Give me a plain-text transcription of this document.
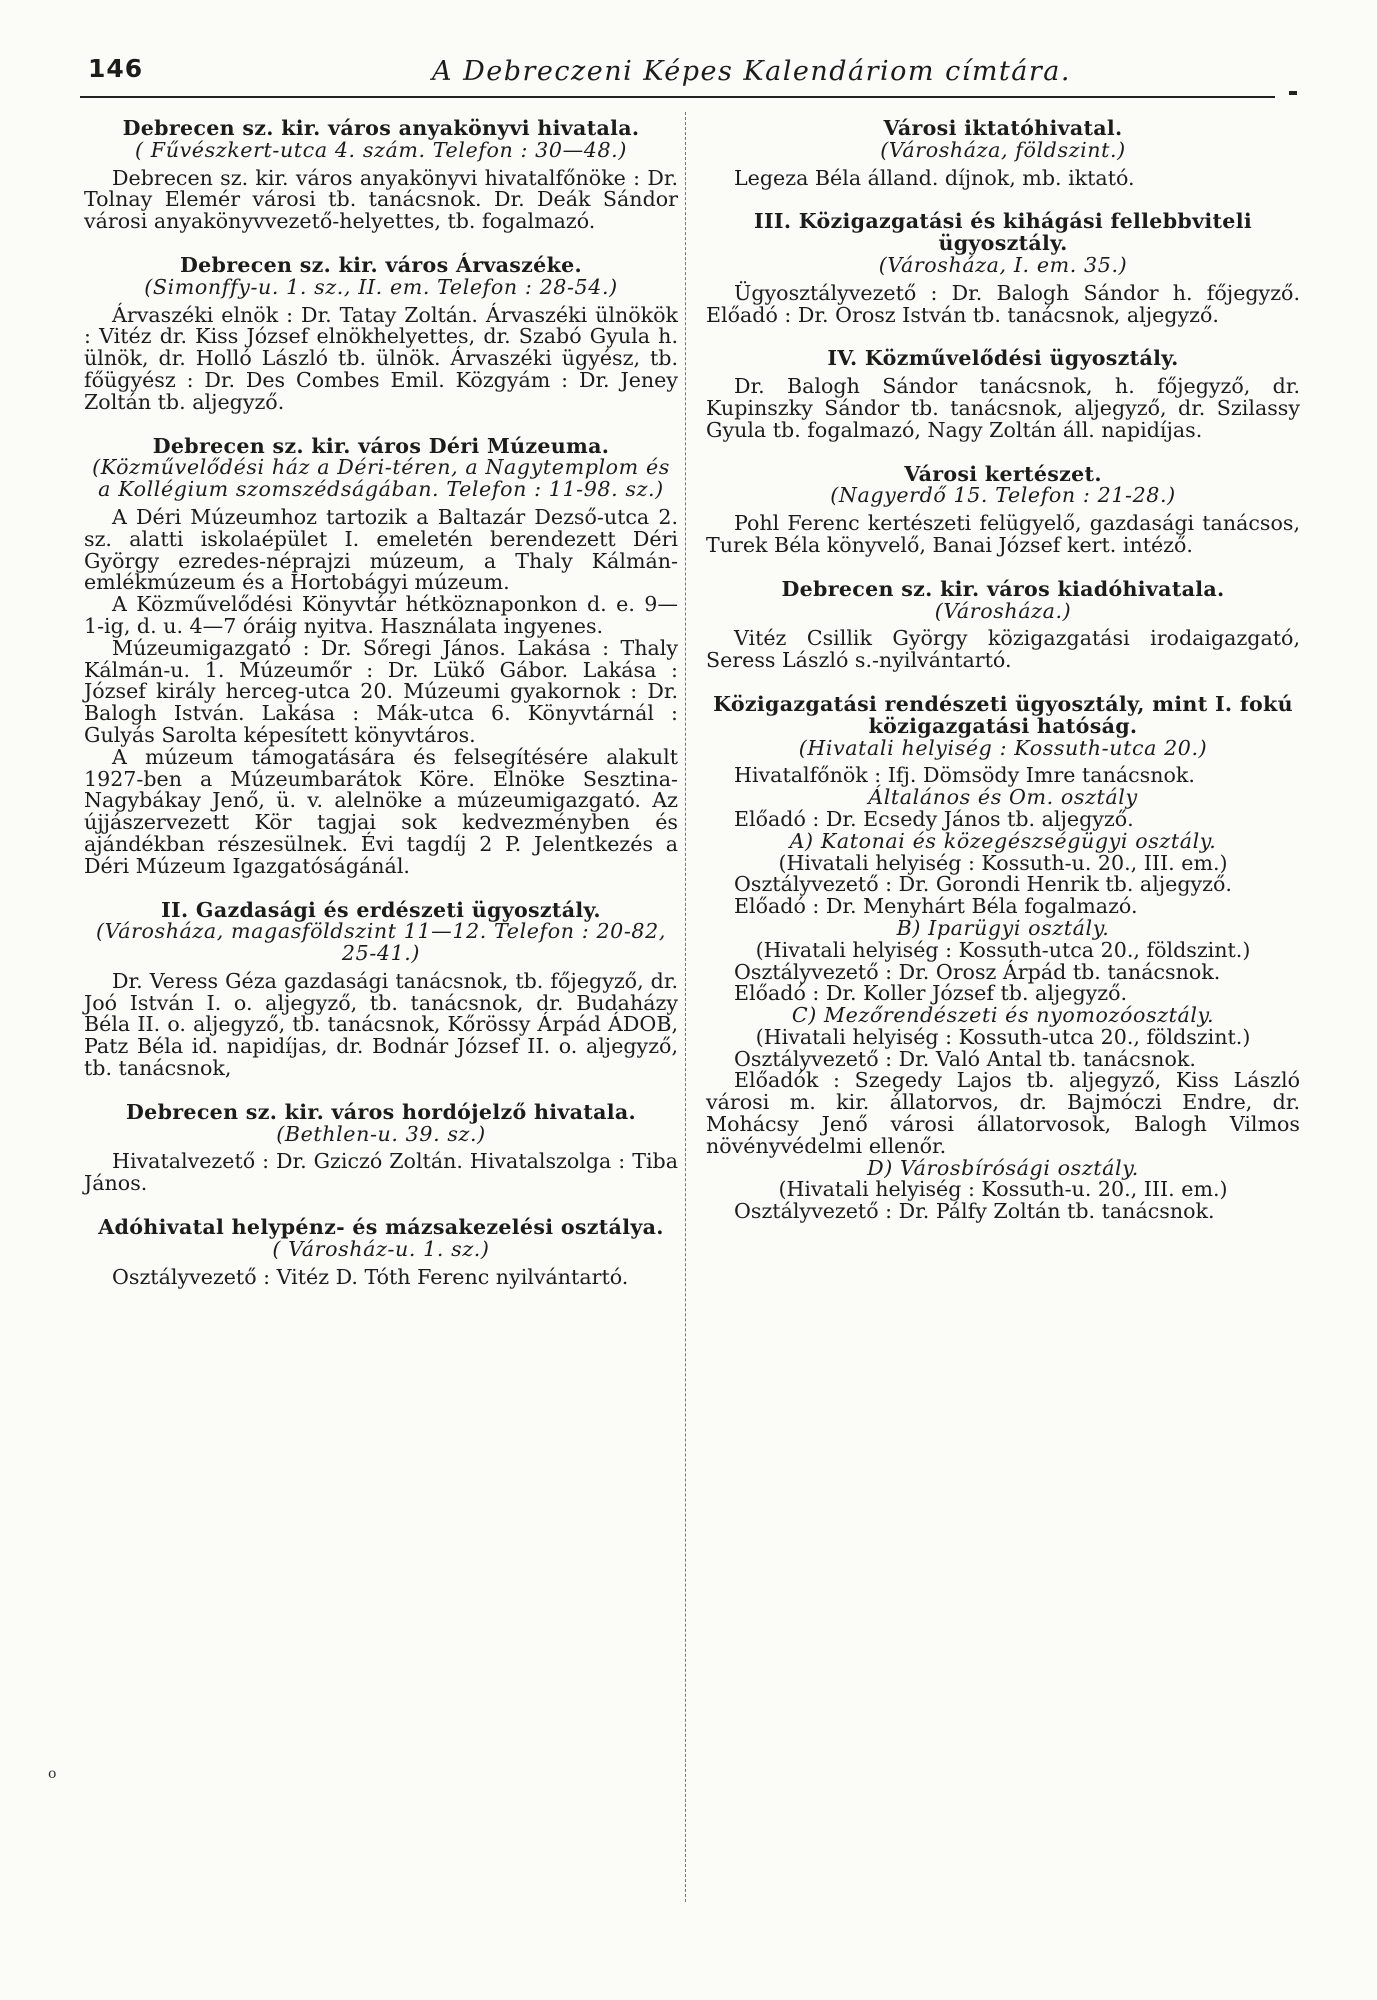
146	A Debreczeni Képes Kalendáriom címtára.

Debrecen sz. kir. város anyakönyvi hivatala.

( Fűvészkert-utca 4. szám. Telefon : 30—48.)

Debrecen sz. kir. város anyakönyvi hivatalfőnöke : Dr. Tolnay Elemér városi tb. tanácsnok. Dr. Deák Sándor városi anyakönyvvezető-helyettes, tb. fogalmazó.

Debrecen sz. kir. város Árvaszéke.

(Simonffy-u. 1. sz., II. em. Telefon : 28-54.)

Árvaszéki elnök : Dr. Tatay Zoltán. Árvaszéki ülnökök : Vitéz dr. Kiss József elnökhelyettes, dr. Szabó Gyula h. ülnök, dr. Holló László tb. ülnök. Árvaszéki ügyész, tb. főügyész : Dr. Des Combes Emil. Közgyám : Dr. Jeney Zoltán tb. aljegyző.

Debrecen sz. kir. város Déri Múzeuma.

(Közművelődési ház a Déri-téren, a Nagytemplom és a Kollégium szomszédságában. Telefon : 11-98. sz.)

A Déri Múzeumhoz tartozik a Baltazár Dezső-utca 2. sz. alatti iskolaépület I. emeletén berendezett Déri György ezredes-néprajzi múzeum, a Thaly Kálmán-emlékmúzeum és a Hortobágyi múzeum.

A Közművelődési Könyvtár hétköznaponkon d. e. 9—1-ig, d. u. 4—7 óráig nyitva. Használata ingyenes.

Múzeumigazgató : Dr. Sőregi János. Lakása : Thaly Kálmán-u. 1. Múzeumőr : Dr. Lükő Gábor. Lakása : József király herceg-utca 20. Múzeumi gyakornok : Dr. Balogh István. Lakása : Mák-utca 6. Könyvtárnál : Gulyás Sarolta képesített könyvtáros.

A múzeum támogatására és felsegítésére alakult 1927-ben a Múzeumbarátok Köre. Elnöke Sesztina-Nagybákay Jenő, ü. v. alelnöke a múzeumigazgató. Az újjászervezett Kör tagjai sok kedvezményben és ajándékban részesülnek. Évi tagdíj 2 P. Jelentkezés a Déri Múzeum Igazgatóságánál.

II. Gazdasági és erdészeti ügyosztály.

(Városháza, magasföldszint 11—12. Telefon : 20-82, 25-41.)

Dr. Veress Géza gazdasági tanácsnok, tb. főjegyző, dr. Joó István I. o. aljegyző, tb. tanácsnok, dr. Budaházy Béla II. o. aljegyző, tb. tanácsnok, Kőrössy Árpád ÁDOB, Patz Béla id. napidíjas, dr. Bodnár József II. o. aljegyző, tb. tanácsnok,

Debrecen sz. kir. város hordójelző hivatala.

(Bethlen-u. 39. sz.)

Hivatalvezető : Dr. Gziczó Zoltán. Hivatalszolga : Tiba János.

Adóhivatal helypénz- és mázsakezelési osztálya.

( Városház-u. 1. sz.)

Osztályvezető : Vitéz D. Tóth Ferenc nyilvántartó.

Városi iktatóhivatal.

(Városháza, földszint.)

Legeza Béla álland. díjnok, mb. iktató.

III. Közigazgatási és kihágási fellebbviteli ügyosztály.

(Városháza, I. em. 35.)

Ügyosztályvezető : Dr. Balogh Sándor h. főjegyző. Előadó : Dr. Orosz István tb. tanácsnok, aljegyző.

IV. Közművelődési ügyosztály.

Dr. Balogh Sándor tanácsnok, h. főjegyző, dr. Kupinszky Sándor tb. tanácsnok, aljegyző, dr. Szilassy Gyula tb. fogalmazó, Nagy Zoltán áll. napidíjas.

Városi kertészet.

(Nagyerdő 15. Telefon : 21-28.)

Pohl Ferenc kertészeti felügyelő, gazdasági tanácsos, Turek Béla könyvelő, Banai József kert. intéző.

Debrecen sz. kir. város kiadóhivatala.

(Városháza.)

Vitéz Csillik György közigazgatási irodaigazgató, Seress László s.-nyilvántartó.

Közigazgatási rendészeti ügyosztály, mint I. fokú közigazgatási hatóság.

(Hivatali helyiség : Kossuth-utca 20.)

Hivatalfőnök : Ifj. Dömsödy Imre tanácsnok.

Általános és Om. osztály

Előadó : Dr. Ecsedy János tb. aljegyző.

A) Katonai és közegészségügyi osztály.

(Hivatali helyiség : Kossuth-u. 20., III. em.)

Osztályvezető : Dr. Gorondi Henrik tb. aljegyző.

Előadó : Dr. Menyhárt Béla fogalmazó.

B) Iparügyi osztály.

(Hivatali helyiség : Kossuth-utca 20., földszint.)

Osztályvezető : Dr. Orosz Árpád tb. tanácsnok.

Előadó : Dr. Koller József tb. aljegyző.

C) Mezőrendészeti és nyomozóosztály.

(Hivatali helyiség : Kossuth-utca 20., földszint.)

Osztályvezető : Dr. Való Antal tb. tanácsnok.

Előadók : Szegedy Lajos tb. aljegyző, Kiss László városi m. kir. állatorvos, dr. Bajmóczi Endre, dr. Mohácsy Jenő városi állatorvosok, Balogh Vilmos növényvédelmi ellenőr.

D) Városbírósági osztály.

(Hivatali helyiség : Kossuth-u. 20., III. em.)

Osztályvezető : Dr. Pálfy Zoltán tb. tanácsnok.

o
